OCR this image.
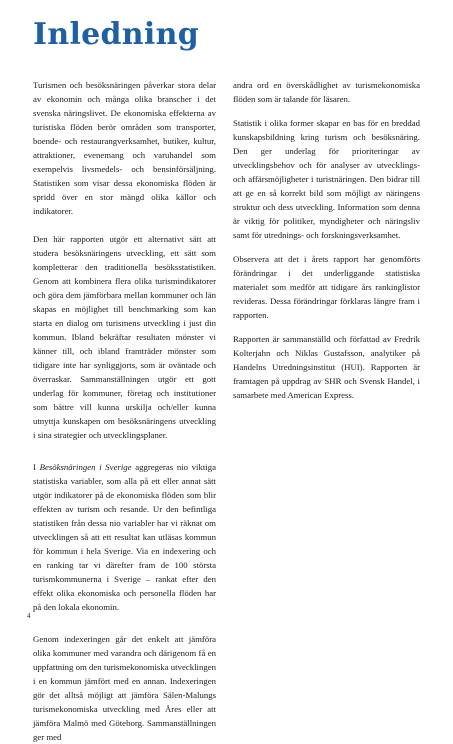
Inledning

Turismen och besöksnäringen påverkar stora delar av ekonomin och många olika branscher i det svenska näringslivet. De ekonomiska effekterna av turistiska flöden berör områden som transporter, boende- och restaurangverksamhet, butiker, kultur, attraktioner, evenemang och varuhandel som exempelvis livsmedels- och bensinförsäljning. Statistiken som visar dessa ekonomiska flöden är spridd över en stor mängd olika källor och indikatorer.

Den här rapporten utgör ett alternativt sätt att studera besöksnäringens utveckling, ett sätt som kompletterar den traditionella besöksstatistiken. Genom att kombinera flera olika turismindikatorer och göra dem jämförbara mellan kommuner och län skapas en möjlighet till benchmarking som kan starta en dialog om turismens utveckling i just din kommun. Ibland bekräftar resultaten mönster vi känner till, och ibland framträder mönster som tidigare inte har synliggjorts, som är oväntade och överraskar. Sammanställningen utgör ett gott underlag för kommuner, företag och institutioner som bättre vill kunna urskilja och/eller kunna utnyttja kunskapen om besöksnäringens utveckling i sina strategier och utvecklingsplaner.

I Besöksnäringen i Sverige aggregeras nio viktiga statistiska variabler, som alla på ett eller annat sätt utgör indikatorer på de ekonomiska flöden som blir effekten av turism och resande. Ur den befintliga statistiken från dessa nio variabler har vi räknat om utvecklingen så att ett resultat kan utläsas kommun för kommun i hela Sverige. Via en indexering och en ranking tar vi därefter fram de 100 största turismkommunerna i Sverige – rankat efter den effekt olika ekonomiska och personella flöden har på den lokala ekonomin.

Genom indexeringen går det enkelt att jämföra olika kommuner med varandra och därigenom få en uppfattning om den turismekonomiska utvecklingen i en kommun jämfört med en annan. Indexeringen gör det alltså möjligt att jämföra Sälen-Malungs turismekonomiska utveckling med Åres eller att jämföra Malmö med Göteborg. Sammanställningen ger med

andra ord en överskådlighet av turismekonomiska flöden som är talande för läsaren.

Statistik i olika former skapar en bas för en breddad kunskapsbildning kring turism och besöksnäring. Den ger underlag för prioriteringar av utvecklingsbehov och för analyser av utvecklings- och affärsmöjligheter i turistnäringen. Den bidrar till att ge en så korrekt bild som möjligt av näringens struktur och dess utveckling. Information som denna är viktig för politiker, myndigheter och näringsliv samt för utrednings- och forskningsverksamhet.

Observera att det i årets rapport har genomförts förändringar i det underliggande statistiska materialet som medför att tidigare års rankinglistor revideras. Dessa förändringar förklaras längre fram i rapporten.

Rapporten är sammanställd och författad av Fredrik Kolterjahn och Niklas Gustafsson, analytiker på Handelns Utredningsinstitut (HUI). Rapporten är framtagen på uppdrag av SHR och Svensk Handel, i samarbete med American Express.

4
